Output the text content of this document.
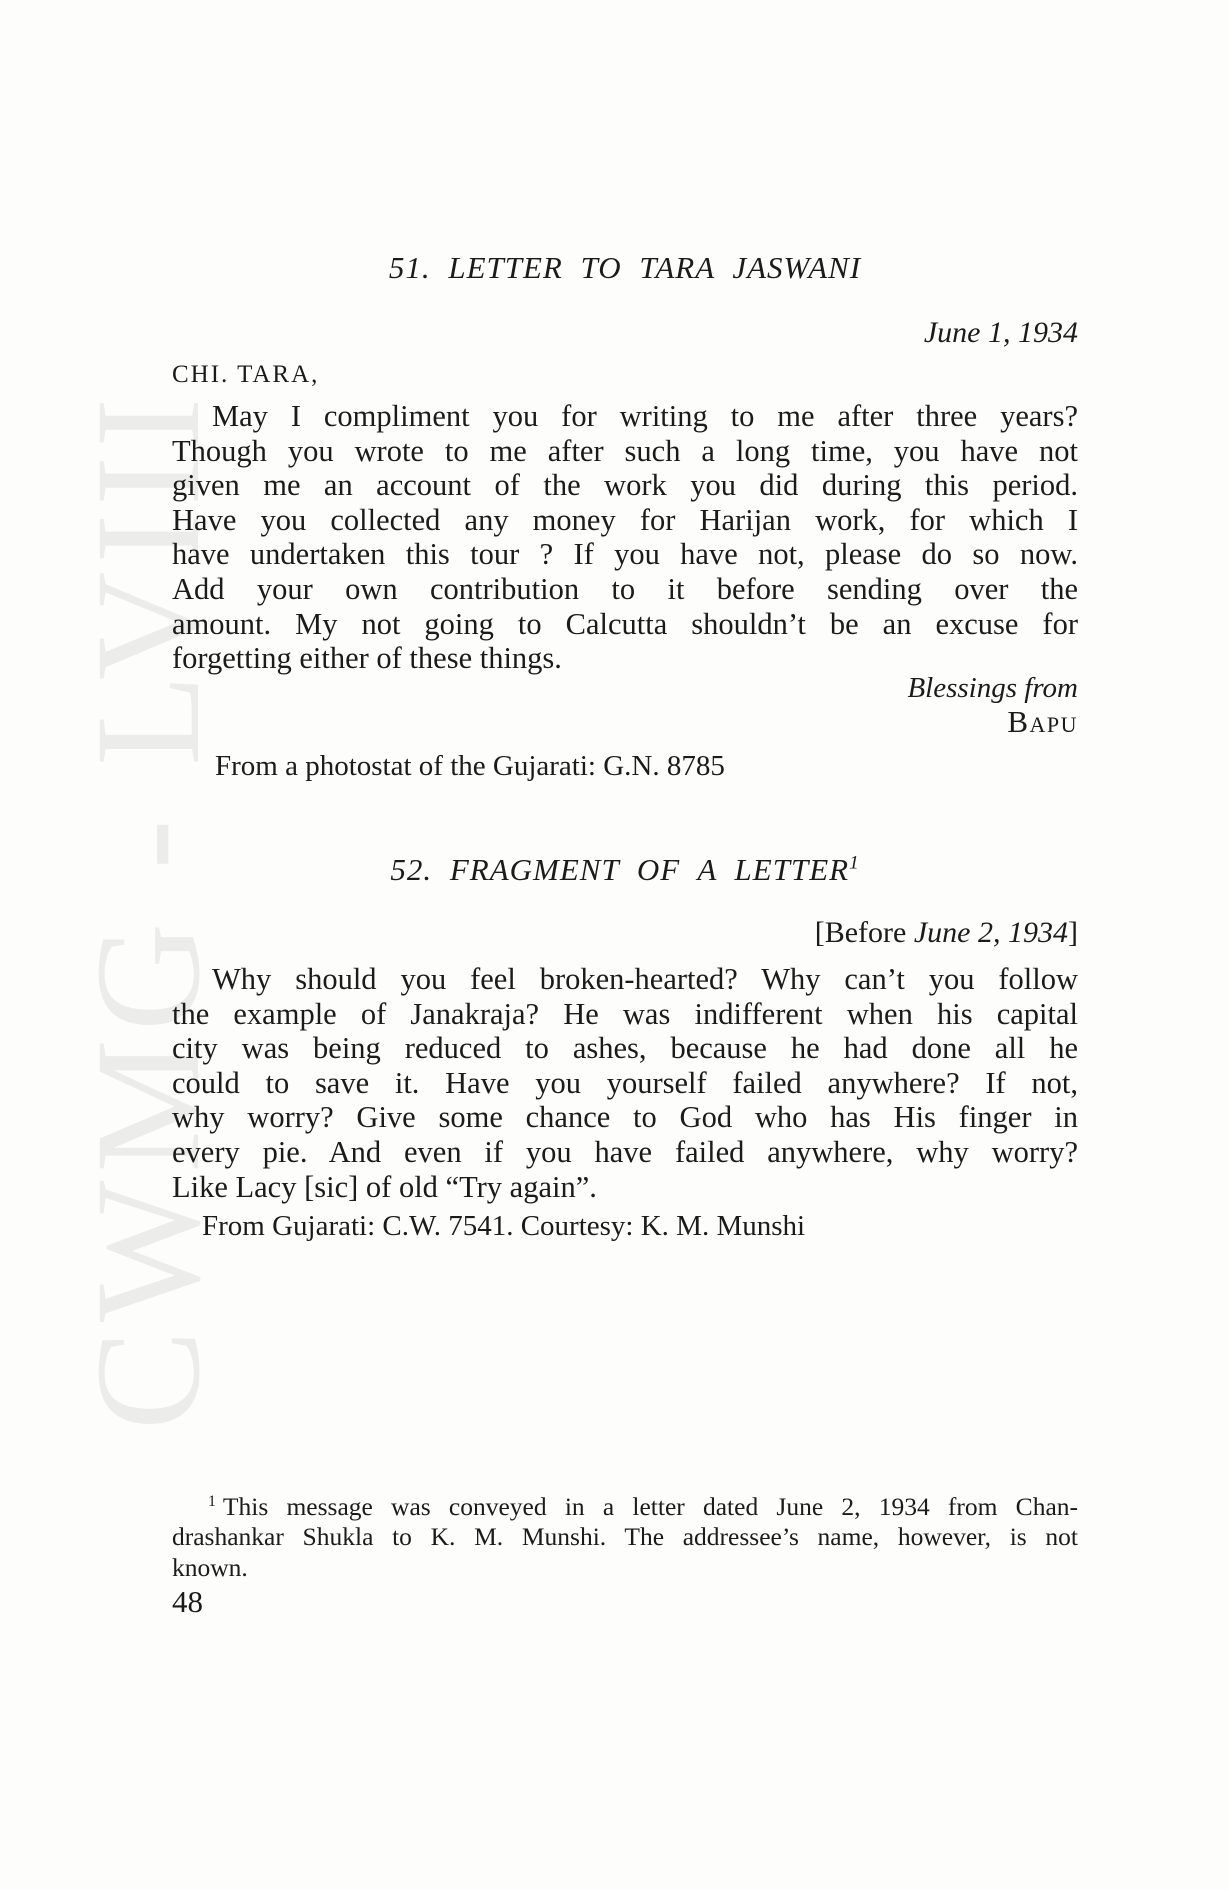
CWMG - LVIII
51. LETTER TO TARA JASWANI
June 1, 1934
CHI. TARA,
May I compliment you for writing to me after three years?
Though you wrote to me after such a long time, you have not
given me an account of the work you did during this period.
Have you collected any money for Harijan work, for which I
have undertaken this tour ? If you have not, please do so now.
Add your own contribution to it before sending over the
amount. My not going to Calcutta shouldn’t be an excuse for
forgetting either of these things.
Blessings from
Bapu
From a photostat of the Gujarati: G.N. 8785
52. FRAGMENT OF A LETTER$^1$
[Before June 2, 1934]
Why should you feel broken-hearted? Why can’t you follow
the example of Janakraja? He was indifferent when his capital
city was being reduced to ashes, because he had done all he
could to save it. Have you yourself failed anywhere? If not,
why worry? Give some chance to God who has His finger in
every pie. And even if you have failed anywhere, why worry?
Like Lacy [sic] of old “Try again”.
From Gujarati: C.W. 7541. Courtesy: K. M. Munshi
$^1$ This message was conveyed in a letter dated June 2, 1934 from Chan-
drashankar Shukla to K. M. Munshi. The addressee’s name, however, is not
known.
48
